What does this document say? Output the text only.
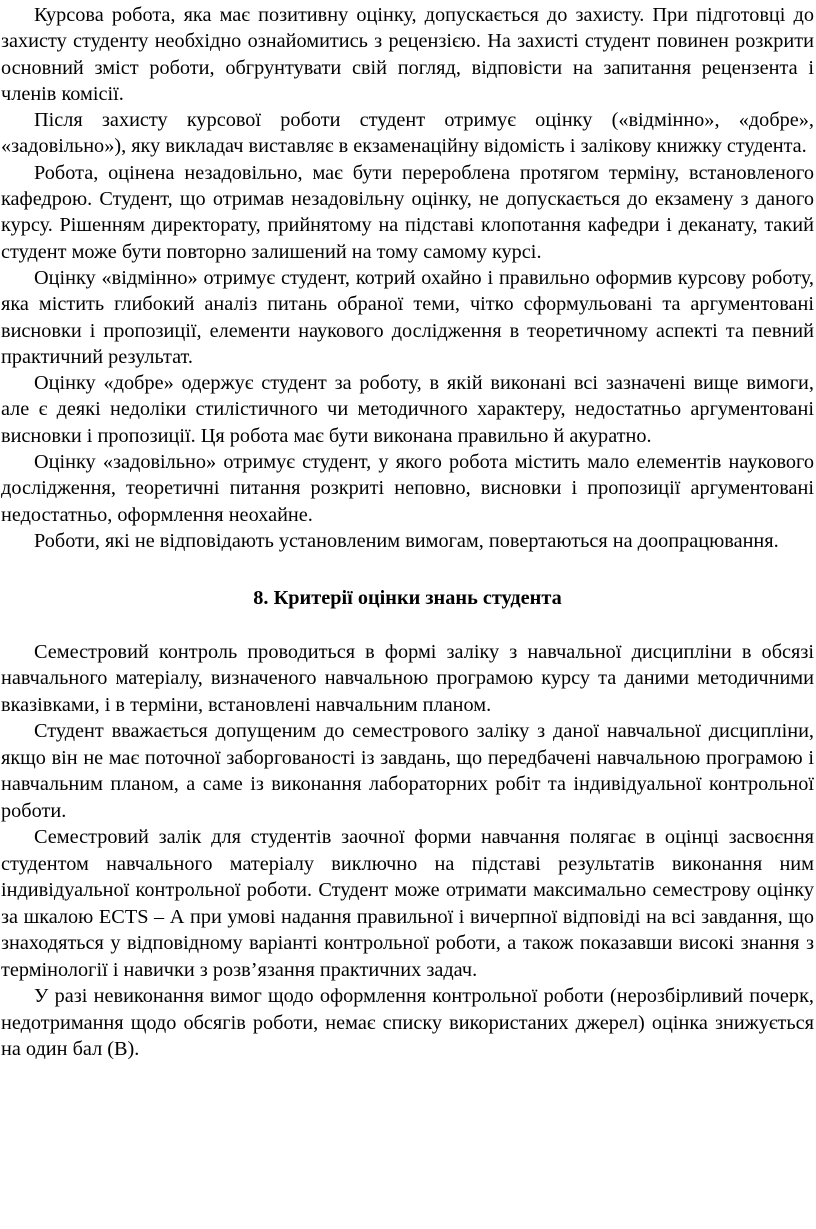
Курсова робота, яка має позитивну оцінку, допускається до захисту. При підготовці до захисту студенту необхідно ознайомитись з рецензією. На захисті студент повинен розкрити основний зміст роботи, обгрунтувати свій погляд, відповісти на запитання рецензента і членів комісії.

Після захисту курсової роботи студент отримує оцінку («відмінно», «добре», «задовільно»), яку викладач виставляє в екзаменаційну відомість і залікову книжку студента.

Робота, оцінена незадовільно, має бути перероблена протягом терміну, встановленого кафедрою. Студент, що отримав незадовільну оцінку, не допускається до екзамену з даного курсу. Рішенням директорату, прийнятому на підставі клопотання кафедри і деканату, такий студент може бути повторно залишений на тому самому курсі.

Оцінку «відмінно» отримує студент, котрий охайно і правильно оформив курсову роботу, яка містить глибокий аналіз питань обраної теми, чітко сформульовані та аргументовані висновки і пропозиції, елементи наукового дослідження в теоретичному аспекті та певний практичний результат.

Оцінку «добре» одержує студент за роботу, в якій виконані всі зазначені вище вимоги, але є деякі недоліки стилістичного чи методичного характеру, недостатньо аргументовані висновки і пропозиції. Ця робота має бути виконана правильно й акуратно.

Оцінку «задовільно» отримує студент, у якого робота містить мало елементів наукового дослідження, теоретичні питання розкриті неповно, висновки і пропозиції аргументовані недостатньо, оформлення неохайне.

Роботи, які не відповідають установленим вимогам, повертаються на доопрацювання.

8. Критерії оцінки знань студента

Семестровий контроль проводиться в формі заліку з навчальної дисципліни в обсязі навчального матеріалу, визначеного навчальною програмою курсу та даними методичними вказівками, і в терміни, встановлені навчальним планом.

Студент вважається допущеним до семестрового заліку з даної навчальної дисципліни, якщо він не має поточної заборгованості із завдань, що передбачені навчальною програмою і навчальним планом, а саме із виконання лабораторних робіт та індивідуальної контрольної роботи.

Семестровий залік для студентів заочної форми навчання полягає в оцінці засвоєння студентом навчального матеріалу виключно на підставі результатів виконання ним індивідуальної контрольної роботи. Студент може отримати максимально семестрову оцінку за шкалою ECTS – А при умові надання правильної і вичерпної відповіді на всі завдання, що знаходяться у відповідному варіанті контрольної роботи, а також показавши високі знання з термінології і навички з розв’язання практичних задач.

У разі невиконання вимог щодо оформлення контрольної роботи (нерозбірливий почерк, недотримання щодо обсягів роботи, немає списку використаних джерел) оцінка знижується на один бал (В).
